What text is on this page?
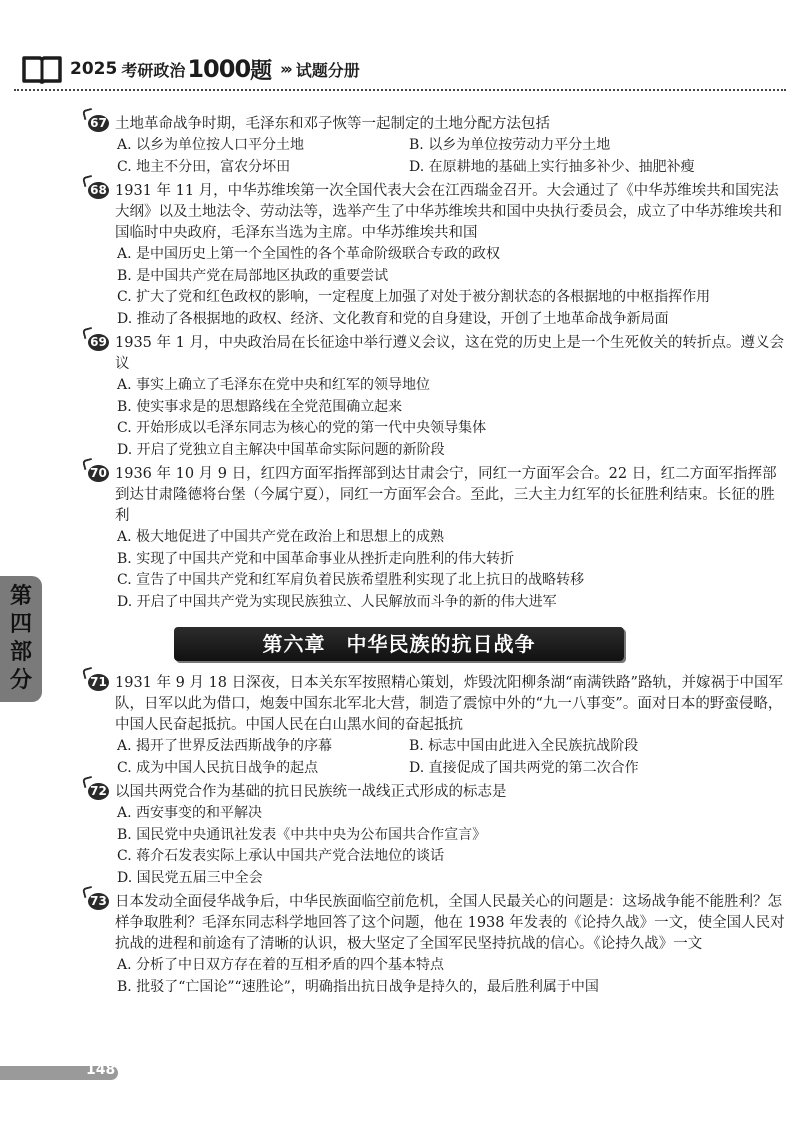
2025 考研政治 1000 题 ››› 试题分册
第
四
部
分
67 土地革命战争时期，毛泽东和邓子恢等一起制定的土地分配方法包括
A. 以乡为单位按人口平分土地	B. 以乡为单位按劳动力平分土地
C. 地主不分田，富农分坏田	D. 在原耕地的基础上实行抽多补少、抽肥补瘦
68 1931 年 11 月，中华苏维埃第一次全国代表大会在江西瑞金召开。大会通过了《中华苏维埃共和国宪法大纲》以及土地法令、劳动法等，选举产生了中华苏维埃共和国中央执行委员会，成立了中华苏维埃共和国临时中央政府，毛泽东当选为主席。中华苏维埃共和国
A. 是中国历史上第一个全国性的各个革命阶级联合专政的政权
B. 是中国共产党在局部地区执政的重要尝试
C. 扩大了党和红色政权的影响，一定程度上加强了对处于被分割状态的各根据地的中枢指挥作用
D. 推动了各根据地的政权、经济、文化教育和党的自身建设，开创了土地革命战争新局面
69 1935 年 1 月，中央政治局在长征途中举行遵义会议，这在党的历史上是一个生死攸关的转折点。遵义会议
A. 事实上确立了毛泽东在党中央和红军的领导地位
B. 使实事求是的思想路线在全党范围确立起来
C. 开始形成以毛泽东同志为核心的党的第一代中央领导集体
D. 开启了党独立自主解决中国革命实际问题的新阶段
70 1936 年 10 月 9 日，红四方面军指挥部到达甘肃会宁，同红一方面军会合。22 日，红二方面军指挥部到达甘肃隆德将台堡（今属宁夏），同红一方面军会合。至此，三大主力红军的长征胜利结束。长征的胜利
A. 极大地促进了中国共产党在政治上和思想上的成熟
B. 实现了中国共产党和中国革命事业从挫折走向胜利的伟大转折
C. 宣告了中国共产党和红军肩负着民族希望胜利实现了北上抗日的战略转移
D. 开启了中国共产党为实现民族独立、人民解放而斗争的新的伟大进军
第六章　中华民族的抗日战争
71 1931 年 9 月 18 日深夜，日本关东军按照精心策划，炸毁沈阳柳条湖“南满铁路”路轨，并嫁祸于中国军队，日军以此为借口，炮轰中国东北军北大营，制造了震惊中外的“九一八事变”。面对日本的野蛮侵略，中国人民奋起抵抗。中国人民在白山黑水间的奋起抵抗
A. 揭开了世界反法西斯战争的序幕	B. 标志中国由此进入全民族抗战阶段
C. 成为中国人民抗日战争的起点	D. 直接促成了国共两党的第二次合作
72 以国共两党合作为基础的抗日民族统一战线正式形成的标志是
A. 西安事变的和平解决
B. 国民党中央通讯社发表《中共中央为公布国共合作宣言》
C. 蒋介石发表实际上承认中国共产党合法地位的谈话
D. 国民党五届三中全会
73 日本发动全面侵华战争后，中华民族面临空前危机，全国人民最关心的问题是：这场战争能不能胜利？怎样争取胜利？毛泽东同志科学地回答了这个问题，他在 1938 年发表的《论持久战》一文，使全国人民对抗战的进程和前途有了清晰的认识，极大坚定了全国军民坚持抗战的信心。《论持久战》一文
A. 分析了中日双方存在着的互相矛盾的四个基本特点
B. 批驳了“亡国论”“速胜论”，明确指出抗日战争是持久的，最后胜利属于中国
148
